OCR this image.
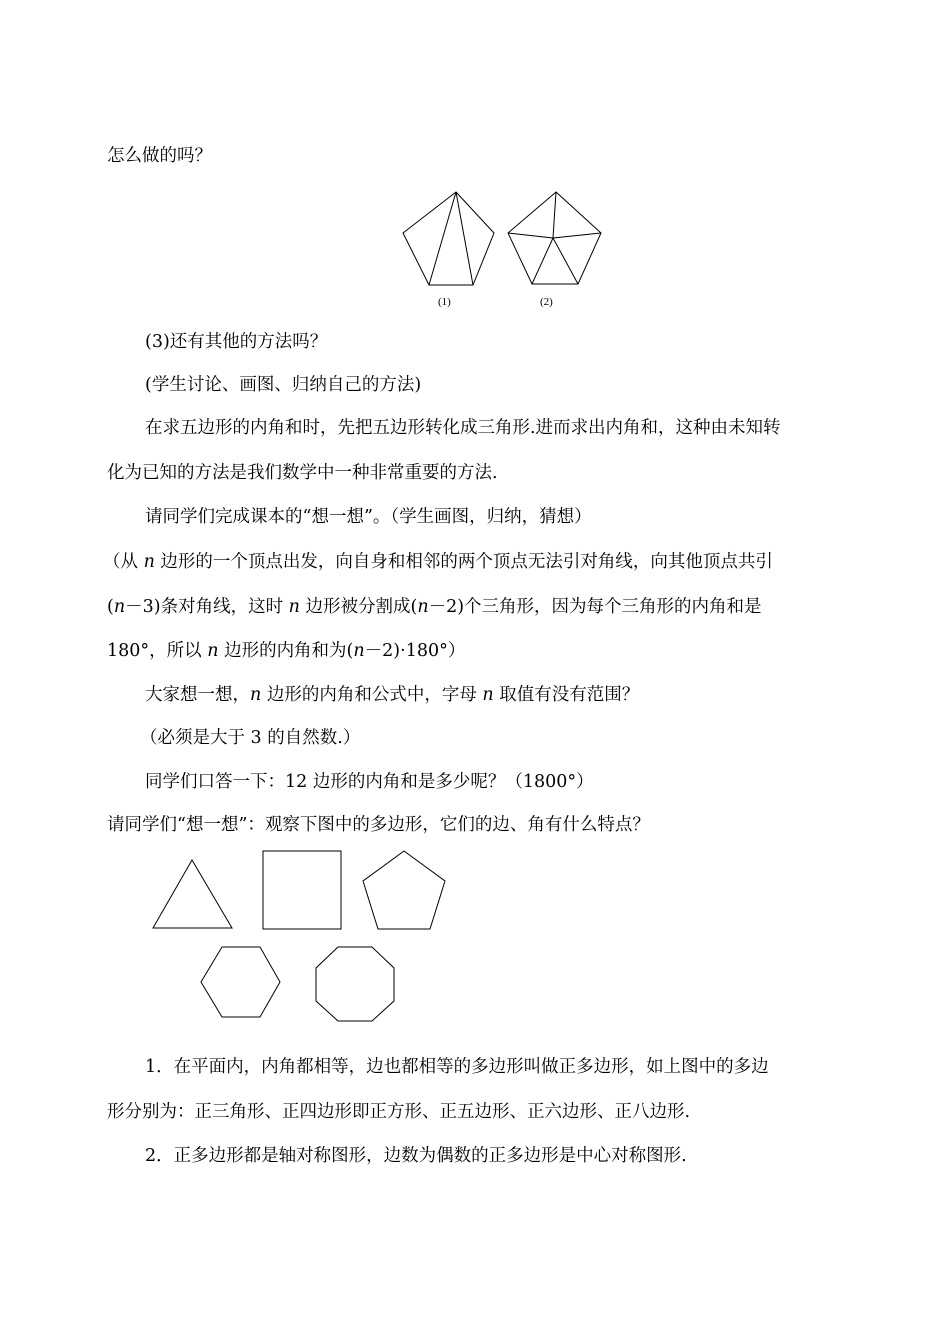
怎么做的吗？
(3)还有其他的方法吗？
(学生讨论、画图、归纳自己的方法)
在求五边形的内角和时，先把五边形转化成三角形.进而求出内角和，这种由未知转
化为已知的方法是我们数学中一种非常重要的方法.
请同学们完成课本的“想一想”。（学生画图，归纳，猜想）
（从 n 边形的一个顶点出发，向自身和相邻的两个顶点无法引对角线，向其他顶点共引
(n－3)条对角线，这时 n 边形被分割成(n－2)个三角形，因为每个三角形的内角和是
180°，所以 n 边形的内角和为(n－2)·180°）
大家想一想，n 边形的内角和公式中，字母 n 取值有没有范围？
（必须是大于 3 的自然数.）
同学们口答一下：12 边形的内角和是多少呢？（1800°）
请同学们“想一想”：观察下图中的多边形，它们的边、角有什么特点？
1．在平面内，内角都相等，边也都相等的多边形叫做正多边形，如上图中的多边
形分别为：正三角形、正四边形即正方形、正五边形、正六边形、正八边形.
2．正多边形都是轴对称图形，边数为偶数的正多边形是中心对称图形.
(1)	(2)
